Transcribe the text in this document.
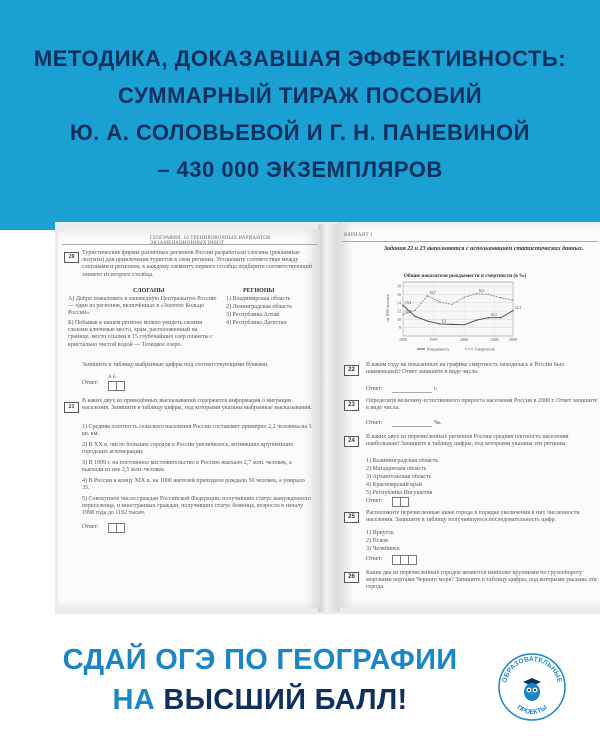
МЕТОДИКА, ДОКАЗАВШАЯ ЭФФЕКТИВНОСТЬ:
СУММАРНЫЙ ТИРАЖ ПОСОБИЙ
Ю. А. СОЛОВЬЕВОЙ И Г. Н. ПАНЕВИНОЙ
– 430 000 ЭКЗЕМПЛЯРОВ
ГЕОГРАФИЯ. 10 ТРЕНИРОВОЧНЫХ ВАРИАНТОВ
20
Туристические фирмы различных регионов России разработали слоганы (рекламные лозунги) для привлечения туристов в свои регионы. Установите соответствие между слоганами и регионом; к каждому элементу первого столбца подберите соответствующий элемент из второго столбца.
СЛОГАНЫ	РЕГИОНЫ
А) Добро пожаловать в заповедную Центральную Россию — один из регионов, включённых в «Золотое Кольцо России».
Б) Побывав в нашем регионе можно увидеть своими глазами ключевые места, храм, расположенный на границе, место ссылки в 15 глубочайших озёр планеты с кристально чистой водой — Телецкое озеро.
1) Владимирская область
2) Ленинградская область
3) Республика Алтай
4) Республика Дагестан
Запишите в таблицу выбранные цифры под соответствующими буквами.
Ответ:
А Б
21
В каких двух из приведённых высказываний содержится информация о миграции населения. Запишите в таблицу цифры, под которыми указаны выбранные высказывания.
1) Средняя плотность сельского населения России составляет примерно 2,2 человека на 1 кв. км.
2) В XX в. число больших городов в России увеличилось, возникших крупнейших городских агломерации.
3) В 1999 г. на постоянное местожительство в Россию выехало 2,7 млн. человек, а выехали из нее 2,5 млн. человек.
4) В России к концу XIX в. на 1000 жителей приходило рождало 50 человек, а умирало 35.
5) Совокупное число граждан Российской Федерации, получивших статус вынужденного переселенца, и иностранных граждан, получивших статус беженца, возросло к началу 1998 года до 1192 тысяч.
Ответ:
ВАРИАНТ 1
Задания 22 и 23 выполняются с использованием статистических данных.
Общие показатели рождаемости и смертности (в ‰)
на 1000 человек
18
16
14
12
10
8
1990	1995	2000	2005	2008
15,3
13,4
15,7
16,1
8,3
10,2
12,1
Рождаемость	Смертность
22
В каком году на показанных на графике смертность находилась в России был наименьшей? Ответ запишите в виде числа.
Ответ:	г.
23
Определите величину естественного прироста населения России в 2000 г. Ответ запишите в виде числа.
Ответ:	‰.
24
В каких двух из перечисленных регионов России средняя плотность населения наибольшая? Запишите в таблицу цифры, под которыми указаны эти регионы.
1) Калининградская область
2) Магаданская область
3) Архангельская область
4) Красноярский край
5) Республика Ингушетия
Ответ:
25
Расположите перечисленные ниже города в порядке увеличения в них численности населения. Запишите в таблицу получившуюся последовательность цифр.
1) Иркутск
2) Псков
3) Челябинск
Ответ:
26
Какие два из перечисленных городов являются наиболее крупными по грузообороту морскими портами Черного моря? Запишите в таблицу цифры, под которыми указаны эти города.
СДАЙ ОГЭ ПО ГЕОГРАФИИ
НА ВЫСШИЙ БАЛЛ!
ОБРАЗОВАТЕЛЬНЫЕ
ПРОЕКТЫ
